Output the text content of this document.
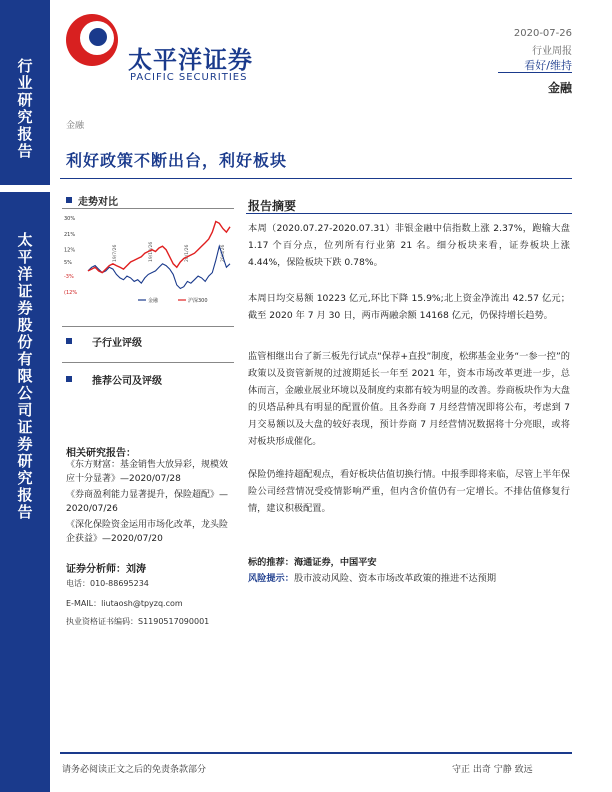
行
业
研
究
报
告
太
平
洋
证
券
股
份
有
限
公
司
证
券
研
究
报
告
太平洋证券
PACIFIC SECURITIES
2020-07-26
行业周报
看好/维持
金融
金融
利好政策不断出台，利好板块
走势对比
30%
21%
12%
5%
-3%
(12%
19/7/26	19/10/26	20/1/26	20/4/26
金融	沪深300
子行业评级
推荐公司及评级
相关研究报告：
《东方财富：基金销售大放异彩，规模效应十分显著》—2020/07/28
《券商盈利能力显著提升，保险超配》—2020/07/26
《深化保险资金运用市场化改革，龙头险企获益》—2020/07/20
证券分析师：刘涛
电话：010-88695234
E-MAIL：liutaosh@tpyzq.com
执业资格证书编码：S1190517090001
报告摘要
本周（2020.07.27-2020.07.31）非银金融中信指数上涨 2.37%，跑输大盘 1.17 个百分点，位列所有行业第 21 名。细分板块来看，证券板块上涨 4.44%，保险板块下跌 0.78%。
本周日均交易额 10223 亿元,环比下降 15.9%;北上资金净流出 42.57 亿元；截至 2020 年 7 月 30 日，两市两融余额 14168 亿元，仍保持增长趋势。
监管相继出台了新三板先行试点“保荐+直投”制度，松绑基金业务“一参一控”的政策以及资管新规的过渡期延长一年至 2021 年，资本市场改革更进一步，总体而言，金融业展业环境以及制度约束都有较为明显的改善。券商板块作为大盘的贝塔品种具有明显的配置价值。且各券商 7 月经营情况即将公布，考虑到 7 月交易额以及大盘的较好表现，预计券商 7 月经营情况数据将十分亮眼，或将对板块形成催化。
保险仍维持超配观点，看好板块估值切换行情。中报季即将来临，尽管上半年保险公司经营情况受疫情影响严重，但内含价值仍有一定增长。不排估值修复行情，建议积极配置。
标的推荐：海通证券，中国平安
风险提示：股市波动风险、资本市场改革政策的推进不达预期
请务必阅读正文之后的免责条款部分	守正 出奇 宁静 致远
